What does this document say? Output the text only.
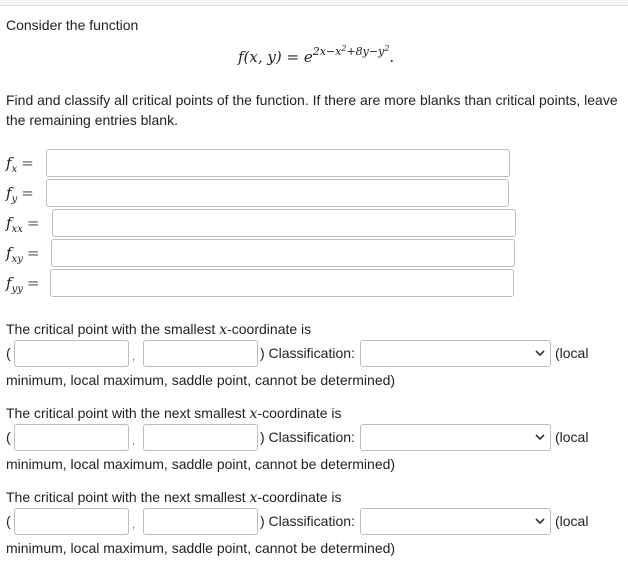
Consider the function
f(x, $y) = e^{2x-x^2+8y-y^2}$.
Find and classify all critical points of the function. If there are more blanks than critical points, leave the remaining entries blank.
$f_x$ =
$f_y$ =
$f_{xx}$ =
$f_{xy}$ =
$f_{yy}$ =
The critical point with the smallest x-coordinate is
(	,	) Classification:	(local
minimum, local maximum, saddle point, cannot be determined)
The critical point with the next smallest x-coordinate is
(	,	) Classification:	(local
minimum, local maximum, saddle point, cannot be determined)
The critical point with the next smallest x-coordinate is
(	,	) Classification:	(local
minimum, local maximum, saddle point, cannot be determined)
